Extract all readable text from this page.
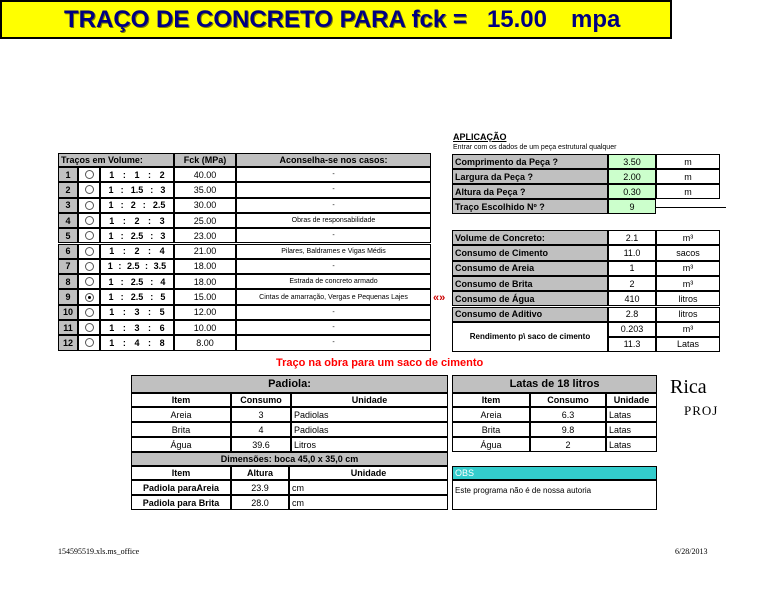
TRAÇO DE CONCRETO PARA fck = 15.00 mpa
APLICAÇÃO
Entrar com os dados de um peça estrutural qualquer
Traços em Volume:	Fck (MPa)	Aconselha-se nos casos:
1	1 : 1 : 2	40.00	-
2	1 : 1.5 : 3	35.00	-
3	1 : 2 : 2.5	30.00	-
4	1 : 2 : 3	25.00	Obras de responsabilidade
5	1 : 2.5 : 3	23.00	-
6	1 : 2 : 4	21.00	Pilares, Baldrames e Vigas Médis
7	1 : 2.5 : 3.5	18.00	-
8	1 : 2.5 : 4	18.00	Estrada de concreto armado
9	1 : 2.5 : 5	15.00	Cintas de amarração, Vergas e Pequenas Lajes
10	1 : 3 : 5	12.00	-
11	1 : 3 : 6	10.00	-
12	1 : 4 : 8	8.00	-
«»
Comprimento da Peça ?	3.50	m
Largura da Peça ?	2.00	m
Altura da Peça ?	0.30	m
Traço Escolhido Nº ?	9
Volume de Concreto:	2.1	m³
Consumo de Cimento	11.0	sacos
Consumo de Areia	1	m³
Consumo de Brita	2	m³
Consumo de Água	410	litros
Consumo de Aditivo	2.8	litros
Rendimento p\ saco de cimento
0.203	m³
11.3	Latas
Traço na obra para um saco de cimento
Padiola:
Item	Consumo	Unidade
Areia	3	Padiolas
Brita	4	Padiolas
Água	39.6	Litros
Dimensões: boca 45,0 x 35,0 cm
Item	Altura	Unidade
Padiola paraAreia	23.9	cm
Padiola para Brita	28.0	cm
Latas de 18 litros
Item	Consumo	Unidade
Areia	6.3	Latas
Brita	9.8	Latas
Água	2	Latas
OBS
Este programa não é de nossa autoria
Rica
PROJ
154595519.xls.ms_office	6/28/2013
